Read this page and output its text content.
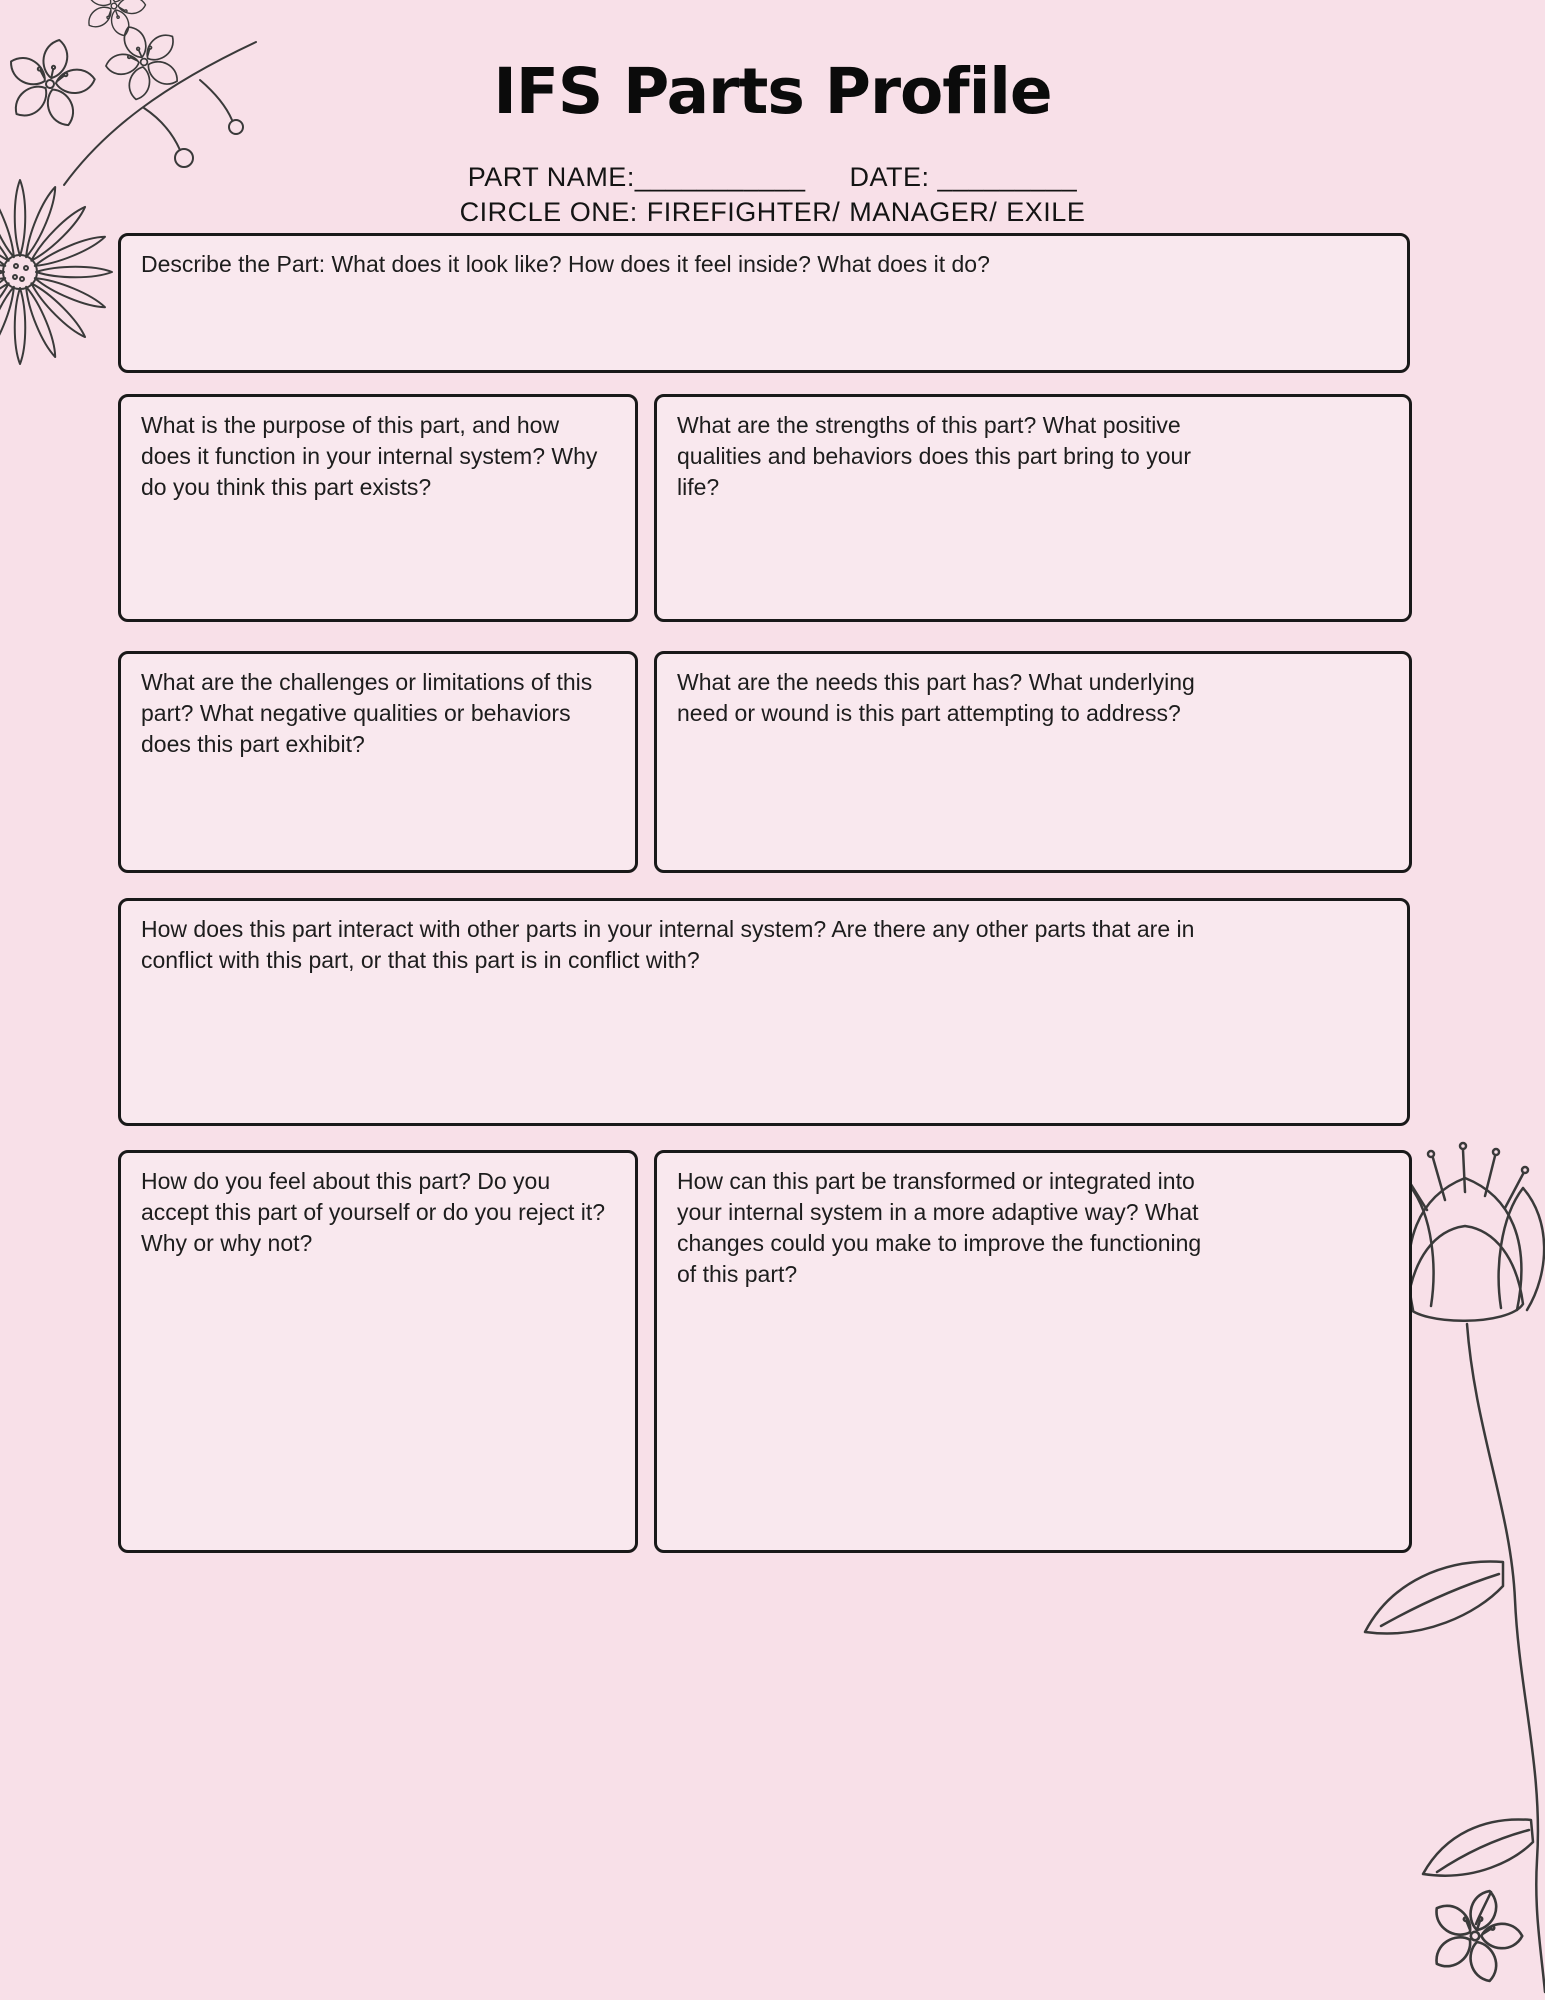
IFS Parts Profile
PART NAME:___________ DATE: _________
CIRCLE ONE: FIREFIGHTER/ MANAGER/ EXILE
Describe the Part: What does it look like? How does it feel inside? What does it do?
What is the purpose of this part, and how does it function in your internal system? Why do you think this part exists?
What are the strengths of this part? What positive qualities and behaviors does this part bring to your life?
What are the challenges or limitations of this part? What negative qualities or behaviors does this part exhibit?
What are the needs this part has? What underlying need or wound is this part attempting to address?
How does this part interact with other parts in your internal system? Are there any other parts that are in conflict with this part, or that this part is in conflict with?
How do you feel about this part? Do you accept this part of yourself or do you reject it? Why or why not?
How can this part be transformed or integrated into your internal system in a more adaptive way? What changes could you make to improve the functioning of this part?
